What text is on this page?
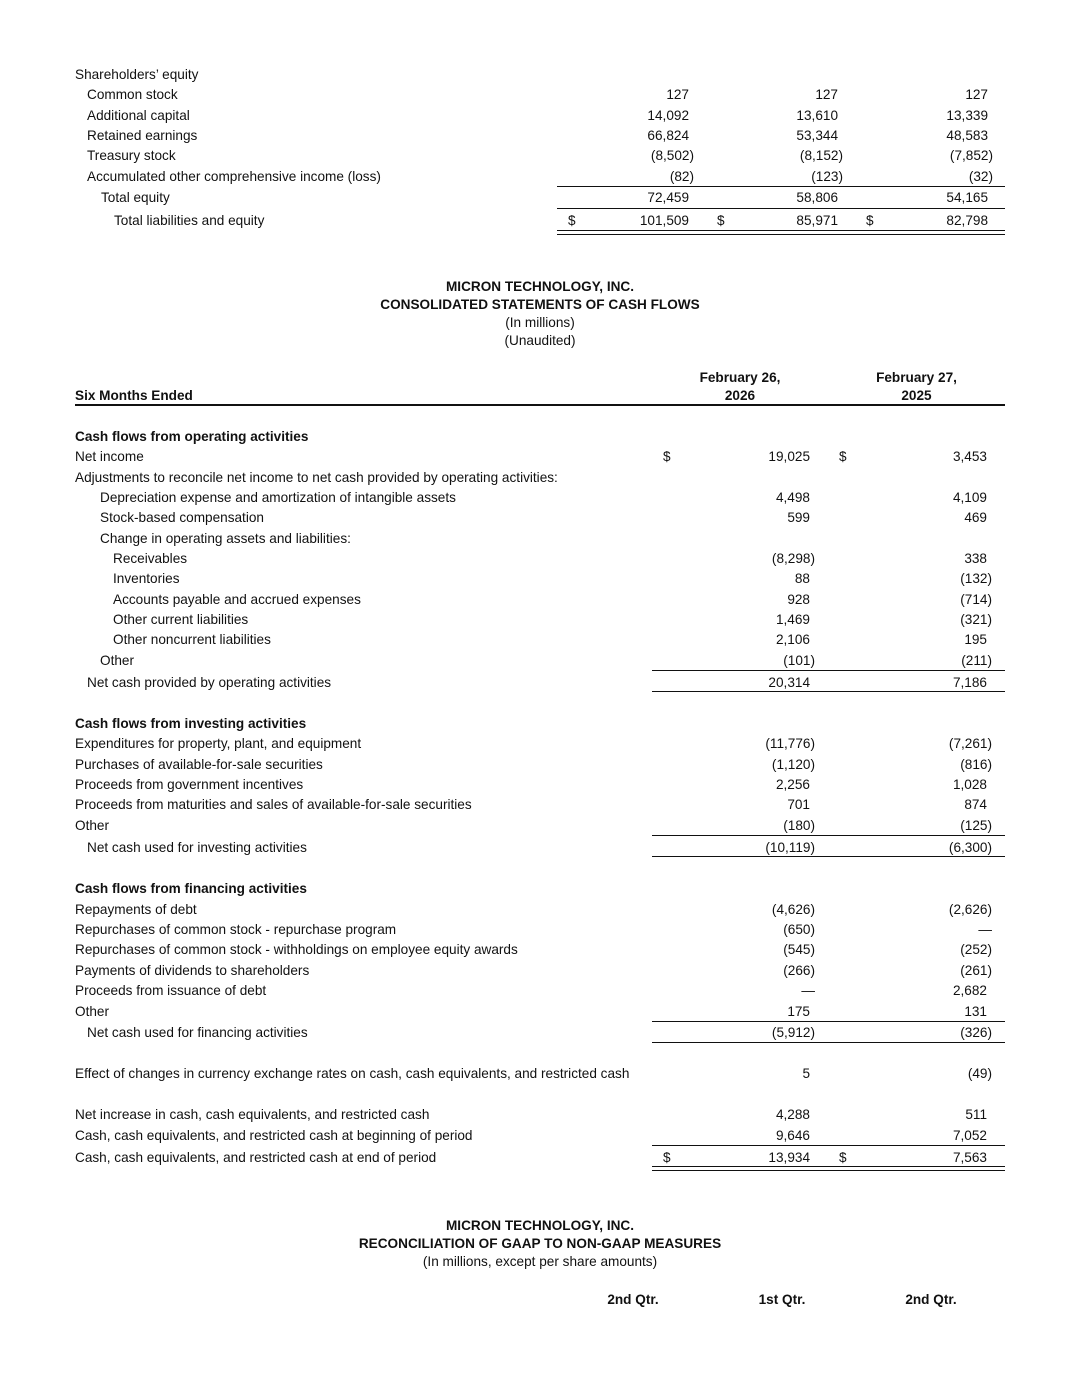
Shareholders’ equity
Common stock	127	127	127
Additional capital	14,092	13,610	13,339
Retained earnings	66,824	53,344	48,583
Treasury stock	(8,502)	(8,152)	(7,852)
Accumulated other comprehensive income (loss)	(82)	(123)	(32)
Total equity	72,459	58,806	54,165
Total liabilities and equity	$	101,509 $	85,971 $	82,798
MICRON TECHNOLOGY, INC.
CONSOLIDATED STATEMENTS OF CASH FLOWS
(In millions)
(Unaudited)
Six Months Ended
February 26,
2026
February 27,
2025
Cash flows from operating activities
Net income	$	19,025 $	3,453
Adjustments to reconcile net income to net cash provided by operating activities:
Depreciation expense and amortization of intangible assets	4,498	4,109
Stock-based compensation	599	469
Change in operating assets and liabilities:
Receivables	(8,298)	338
Inventories	88	(132)
Accounts payable and accrued expenses	928	(714)
Other current liabilities	1,469	(321)
Other noncurrent liabilities	2,106	195
Other	(101)	(211)
Net cash provided by operating activities	20,314	7,186
Cash flows from investing activities
Expenditures for property, plant, and equipment	(11,776)	(7,261)
Purchases of available-for-sale securities	(1,120)	(816)
Proceeds from government incentives	2,256	1,028
Proceeds from maturities and sales of available-for-sale securities	701	874
Other	(180)	(125)
Net cash used for investing activities	(10,119)	(6,300)
Cash flows from financing activities
Repayments of debt	(4,626)	(2,626)
Repurchases of common stock - repurchase program	(650)	—
Repurchases of common stock - withholdings on employee equity awards	(545)	(252)
Payments of dividends to shareholders	(266)	(261)
Proceeds from issuance of debt	—	2,682
Other	175	131
Net cash used for financing activities	(5,912)	(326)
Effect of changes in currency exchange rates on cash, cash equivalents, and restricted cash	5	(49)
Net increase in cash, cash equivalents, and restricted cash	4,288	511
Cash, cash equivalents, and restricted cash at beginning of period	9,646	7,052
Cash, cash equivalents, and restricted cash at end of period	$	13,934 $	7,563
MICRON TECHNOLOGY, INC.
RECONCILIATION OF GAAP TO NON-GAAP MEASURES
(In millions, except per share amounts)
2nd Qtr.	1st Qtr.	2nd Qtr.
